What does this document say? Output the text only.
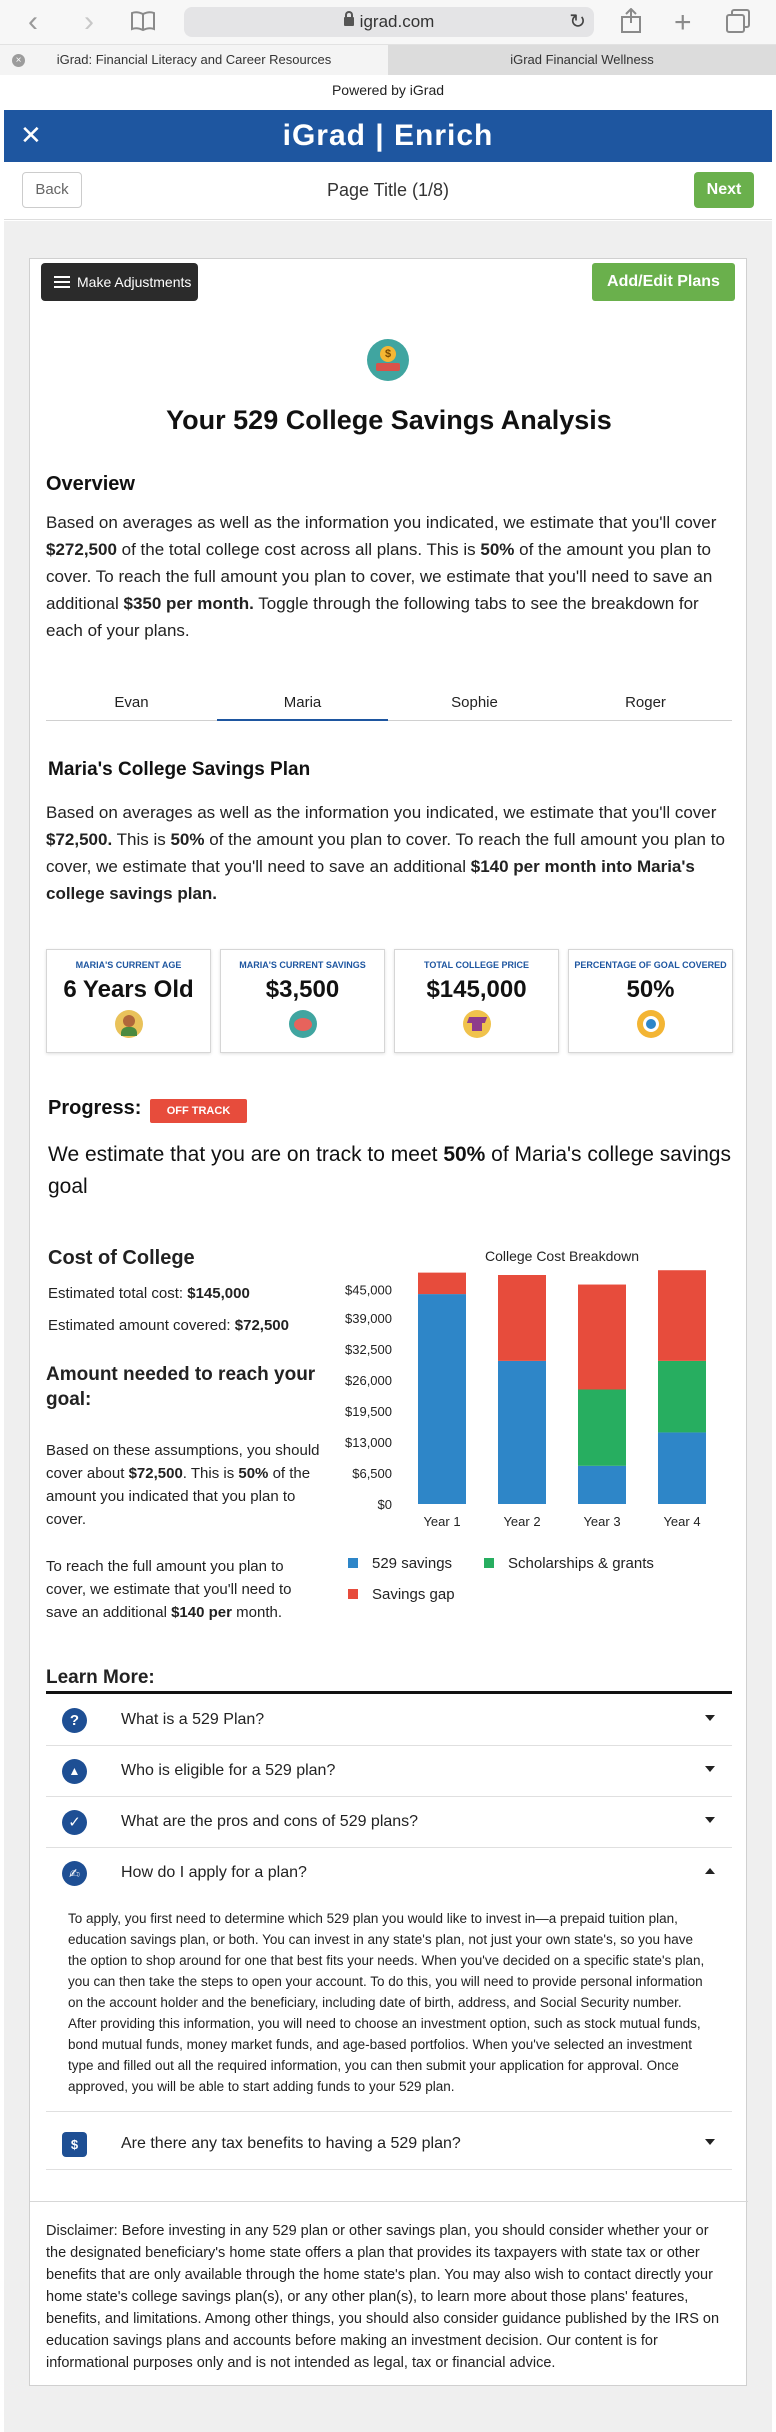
‹ ›	igrad.com	↻	+
×	iGrad: Financial Literacy and Career Resources	iGrad Financial Wellness
Powered by iGrad
✕	iGrad | Enrich
Back	Page Title (1/8)	Next
Make Adjustments	Add/Edit Plans
$
Your 529 College Savings Analysis
Overview
Based on averages as well as the information you indicated, we estimate that you'll cover $272,500 of the total college cost across all plans. This is 50% of the amount you plan to cover. To reach the full amount you plan to cover, we estimate that you'll need to save an additional $350 per month. Toggle through the following tabs to see the breakdown for each of your plans.
Evan	Maria	Sophie	Roger
Maria's College Savings Plan
Based on averages as well as the information you indicated, we estimate that you'll cover $72,500. This is 50% of the amount you plan to cover. To reach the full amount you plan to cover, we estimate that you'll need to save an additional $140 per month into Maria's college savings plan.
MARIA'S CURRENT AGE
6 Years Old
MARIA'S CURRENT SAVINGS
$3,500
TOTAL COLLEGE PRICE
$145,000
PERCENTAGE OF GOAL COVERED
50%
Progress:	OFF TRACK
We estimate that you are on track to meet 50% of Maria's college savings goal
Cost of College
Estimated total cost: $145,000
Estimated amount covered: $72,500
Amount needed to reach your goal:
Based on these assumptions, you should cover about $72,500. This is 50% of the amount you indicated that you plan to cover.
To reach the full amount you plan to cover, we estimate that you'll need to save an additional $140 per month.
College Cost Breakdown
$0
$6,500
$13,000
$19,500
$26,000
$32,500
$39,000
$45,000
Year 1	Year 2	Year 3	Year 4
529 savings	Scholarships & grants
Savings gap
Learn More:
?	What is a 529 Plan?
▲	Who is eligible for a 529 plan?
✓	What are the pros and cons of 529 plans?
✍	How do I apply for a plan?
To apply, you first need to determine which 529 plan you would like to invest in—a prepaid tuition plan, education savings plan, or both. You can invest in any state's plan, not just your own state's, so you have the option to shop around for one that best fits your needs. When you've decided on a specific state's plan, you can then take the steps to open your account. To do this, you will need to provide personal information on the account holder and the beneficiary, including date of birth, address, and Social Security number. After providing this information, you will need to choose an investment option, such as stock mutual funds, bond mutual funds, money market funds, and age-based portfolios. When you've selected an investment type and filled out all the required information, you can then submit your application for approval. Once approved, you will be able to start adding funds to your 529 plan.
$	Are there any tax benefits to having a 529 plan?
Disclaimer: Before investing in any 529 plan or other savings plan, you should consider whether your or the designated beneficiary's home state offers a plan that provides its taxpayers with state tax or other benefits that are only available through the home state's plan. You may also wish to contact directly your home state's college savings plan(s), or any other plan(s), to learn more about those plans' features, benefits, and limitations. Among other things, you should also consider guidance published by the IRS on education savings plans and accounts before making an investment decision. Our content is for informational purposes only and is not intended as legal, tax or financial advice.
